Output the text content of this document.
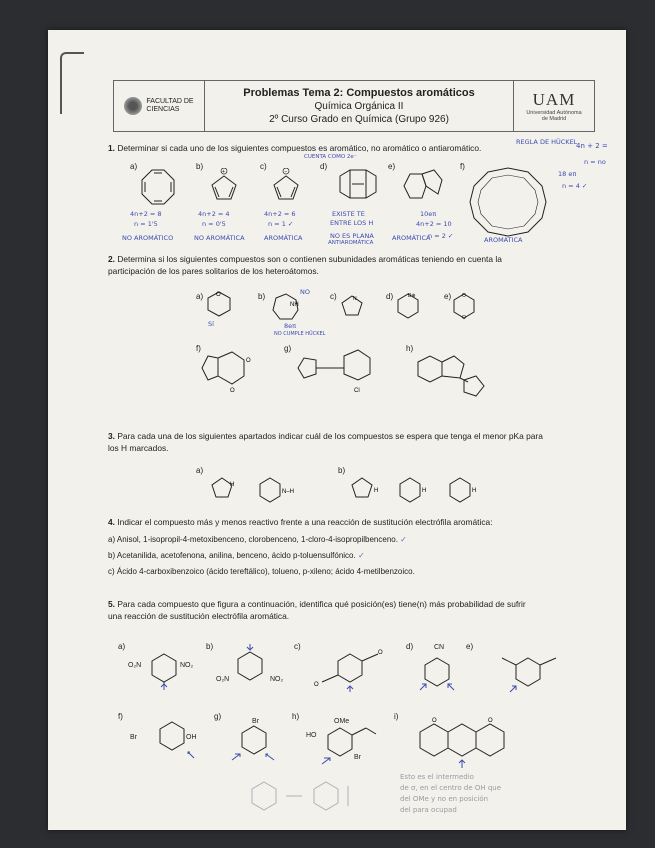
FACULTAD DE
CIENCIAS
Problemas Tema 2: Compuestos aromáticos
Química Orgánica II
2º Curso Grado en Química (Grupo 926)
UAM
Universidad Autónoma
de Madrid
1. Determinar si cada uno de los siguientes compuestos es aromático, no aromático o antiaromático.
REGLA DE HÜCKEL
4n + 2 =
n = no
a)	b)	c)	d)	e)	f)
+	−
4n+2 = 8
n = 1'5
NO AROMÁTICO
4n+2 = 4
n = 0'5
NO AROMÁTICA
4n+2 = 6
n = 1 ✓
AROMÁTICA
CUENTA COMO 2e⁻
EXISTE TE
ENTRE LOS H
NO ES PLANA
ANTIAROMÁTICA
10eπ
4n+2 = 10
AROMÁTICA
n = 2 ✓
18 eπ
n = 4 ✓
AROMÁTICA
2. Determina si los siguientes compuestos son o contienen subunidades aromáticas teniendo en cuenta la
participación de los pares solitarios de los heteroátomos.
a)	b)	c)	d)	e)
f)	g)	h)
O
Sí
NH
NO
8eπ
NO CUMPLE HÜCKEL
N	B⊕	O
O
O
O	Cl
3. Para cada una de los siguientes apartados indicar cuál de los compuestos se espera que tenga el menor pKa para
los H marcados.
a)	b)
H
N–H	H	H	H
4. Indicar el compuesto más y menos reactivo frente a una reacción de sustitución electrófila aromática:
a) Anisol, 1-isopropil-4-metoxibenceno, clorobenceno, 1-cloro-4-isopropilbenceno. ✓
b) Acetanilida, acetofenona, anilina, benceno, ácido p-toluensulfónico. ✓
c) Ácido 4-carboxibenzoico (ácido tereftálico), tolueno, p-xileno; ácido 4-metilbenzoico.
5. Para cada compuesto que figura a continuación, identifica qué posición(es) tiene(n) más probabilidad de sufrir
una reacción de sustitución electrófila aromática.
a)	b)	c)	d)	e)
f)	g)	h)	i)
O₂N	NO₂
O₂N	NO₂
O
O
CN
Br	OH
Br	OMe
HO
Br
O	O
Esto es el intermedio
de σ, en el centro de OH que
del OMe y no en posición
del para ocupad
